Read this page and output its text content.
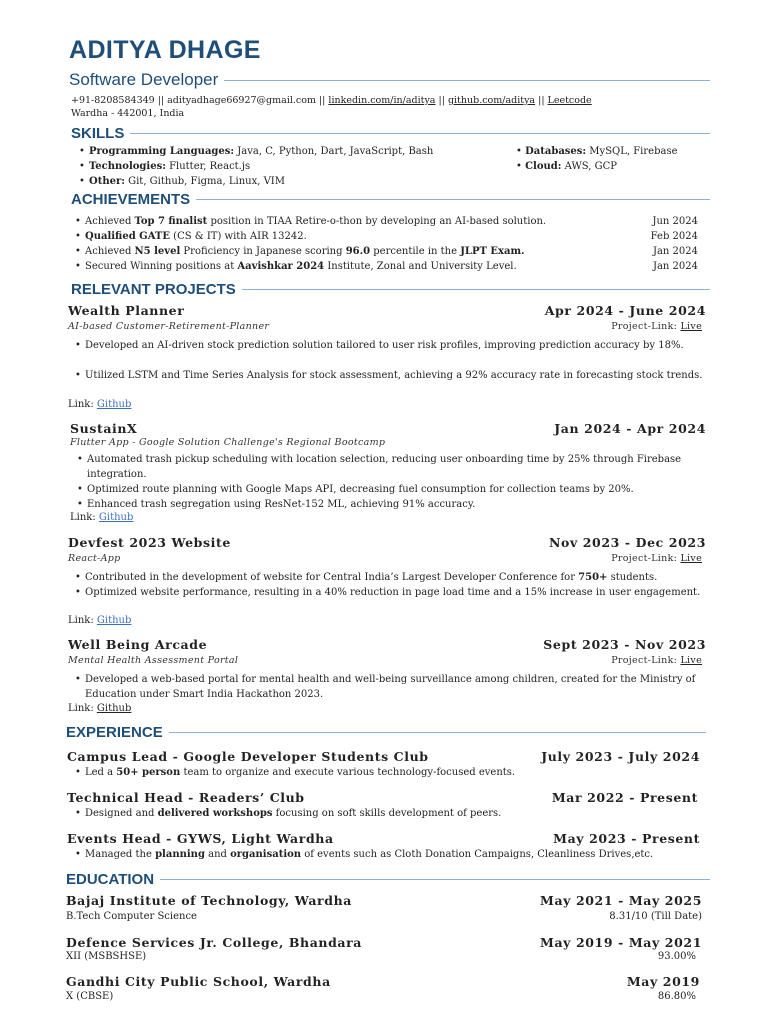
ADITYA DHAGE
Software Developer
+91-8208584349 || adityadhage66927@gmail.com || linkedin.com/in/aditya || github.com/aditya || Leetcode
Wardha - 442001, India
SKILLS
• Programming Languages: Java, C, Python, Dart, JavaScript, Bash
• Technologies: Flutter, React.js
• Other: Git, Github, Figma, Linux, VIM
• Databases: MySQL, Firebase
• Cloud: AWS, GCP
ACHIEVEMENTS
• Achieved Top 7 finalist position in TIAA Retire-o-thon by developing an AI-based solution.	Jun 2024
• Qualified GATE (CS & IT) with AIR 13242.	Feb 2024
• Achieved N5 level Proficiency in Japanese scoring 96.0 percentile in the JLPT Exam.	Jan 2024
• Secured Winning positions at Aavishkar 2024 Institute, Zonal and University Level.	Jan 2024
RELEVANT PROJECTS
Wealth Planner	Apr 2024 - June 2024
AI-based Customer-Retirement-Planner	Project-Link: Live
• Developed an AI-driven stock prediction solution tailored to user risk profiles, improving prediction accuracy by 18%.
• Utilized LSTM and Time Series Analysis for stock assessment, achieving a 92% accuracy rate in forecasting stock trends.
Link: Github
SustainX	Jan 2024 - Apr 2024
Flutter App - Google Solution Challenge's Regional Bootcamp
• Automated trash pickup scheduling with location selection, reducing user onboarding time by 25% through Firebase integration.
• Optimized route planning with Google Maps API, decreasing fuel consumption for collection teams by 20%.
• Enhanced trash segregation using ResNet-152 ML, achieving 91% accuracy.
Link: Github
Devfest 2023 Website	Nov 2023 - Dec 2023
React-App	Project-Link: Live
• Contributed in the development of website for Central India’s Largest Developer Conference for 750+ students.
• Optimized website performance, resulting in a 40% reduction in page load time and a 15% increase in user engagement.
Link: Github
Well Being Arcade	Sept 2023 - Nov 2023
Mental Health Assessment Portal	Project-Link: Live
• Developed a web-based portal for mental health and well-being surveillance among children, created for the Ministry of Education under Smart India Hackathon 2023.
Link: Github
EXPERIENCE
Campus Lead - Google Developer Students Club	July 2023 - July 2024
• Led a 50+ person team to organize and execute various technology-focused events.
Technical Head - Readers’ Club	Mar 2022 - Present
• Designed and delivered workshops focusing on soft skills development of peers.
Events Head - GYWS, Light Wardha	May 2023 - Present
• Managed the planning and organisation of events such as Cloth Donation Campaigns, Cleanliness Drives,etc.
EDUCATION
Bajaj Institute of Technology, Wardha	May 2021 - May 2025
B.Tech Computer Science	8.31/10 (Till Date)
Defence Services Jr. College, Bhandara	May 2019 - May 2021
XII (MSBSHSE)	93.00%
Gandhi City Public School, Wardha	May 2019
X (CBSE)	86.80%
